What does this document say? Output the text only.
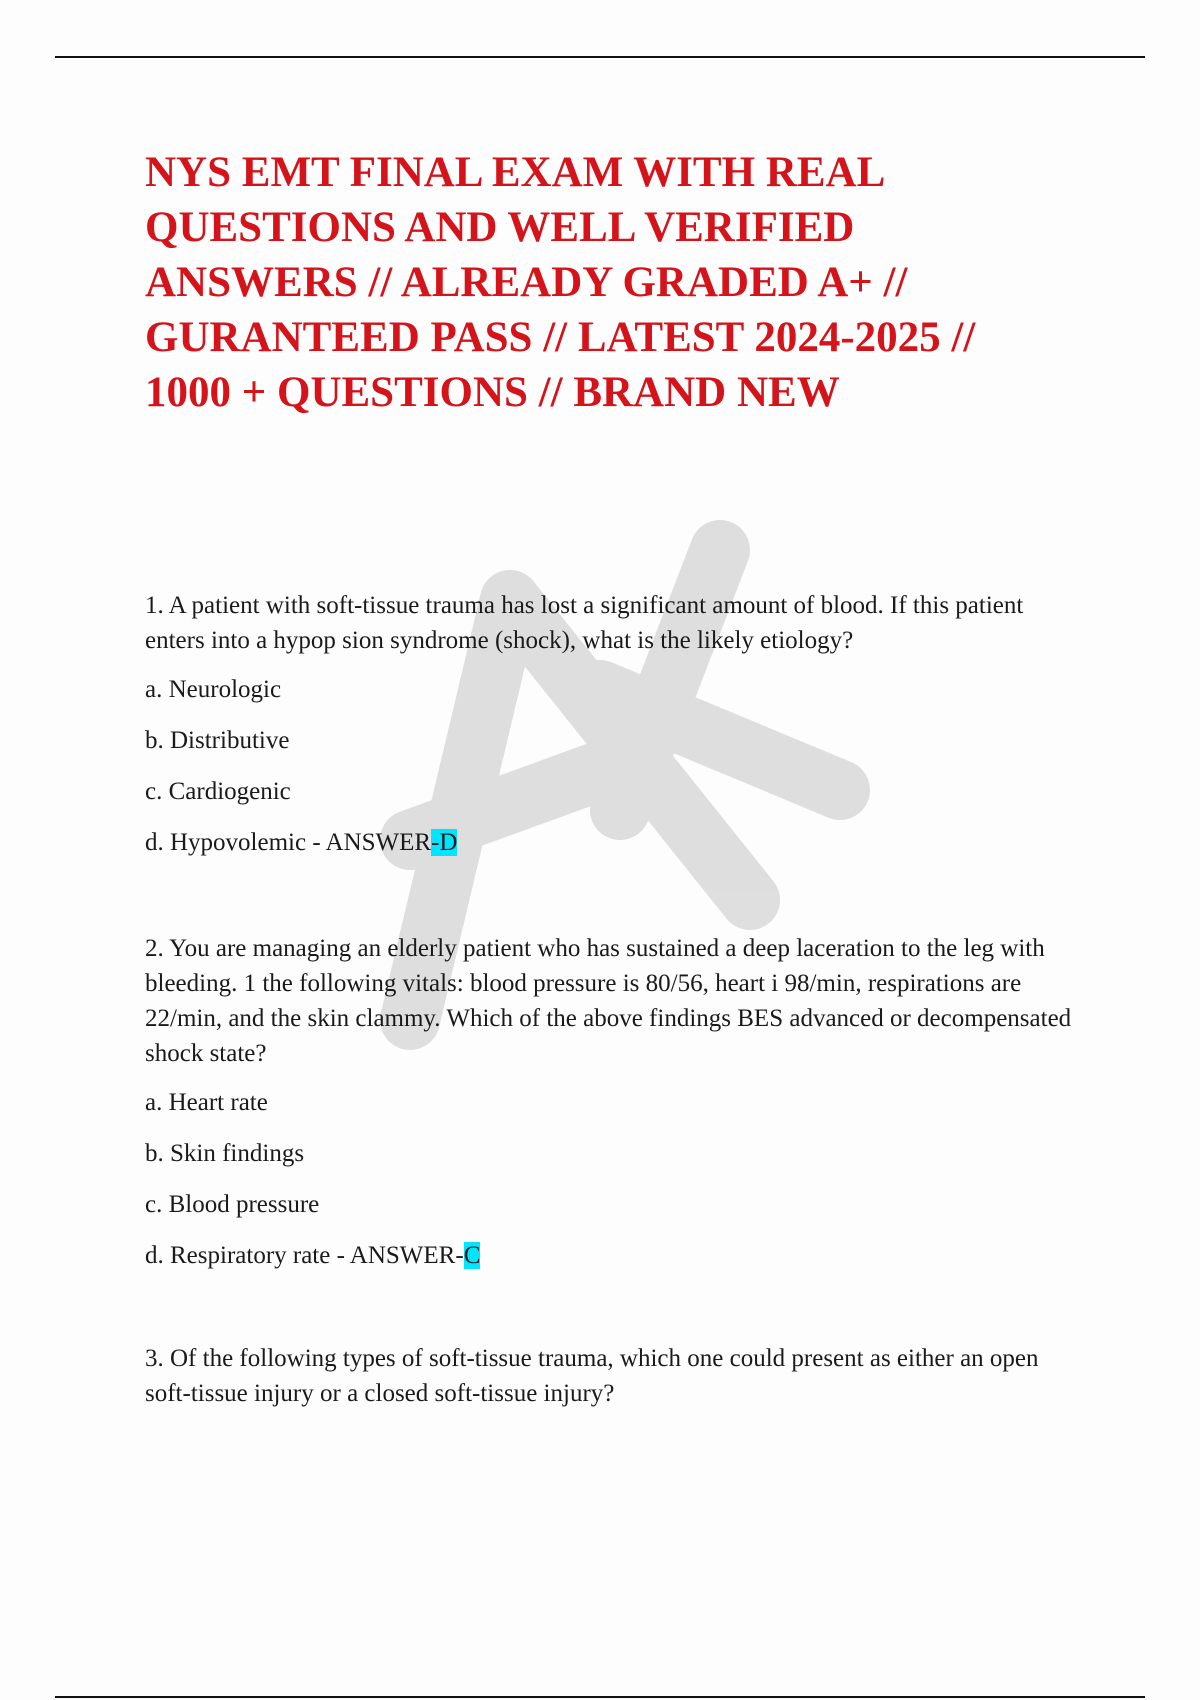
NYS EMT FINAL EXAM WITH REAL QUESTIONS AND WELL VERIFIED ANSWERS // ALREADY GRADED A+ // GURANTEED PASS // LATEST 2024-2025 // 1000 + QUESTIONS // BRAND NEW

1. A patient with soft-tissue trauma has lost a significant amount of blood. If this patient enters into a hypop sion syndrome (shock), what is the likely etiology?

a. Neurologic

b. Distributive

c. Cardiogenic

d. Hypovolemic - ANSWER-D

2. You are managing an elderly patient who has sustained a deep laceration to the leg with bleeding. 1 the following vitals: blood pressure is 80/56, heart i 98/min, respirations are 22/min, and the skin clammy. Which of the above findings BES advanced or decompensated shock state?

a. Heart rate

b. Skin findings

c. Blood pressure

d. Respiratory rate - ANSWER-C

3. Of the following types of soft-tissue trauma, which one could present as either an open soft-tissue injury or a closed soft-tissue injury?
